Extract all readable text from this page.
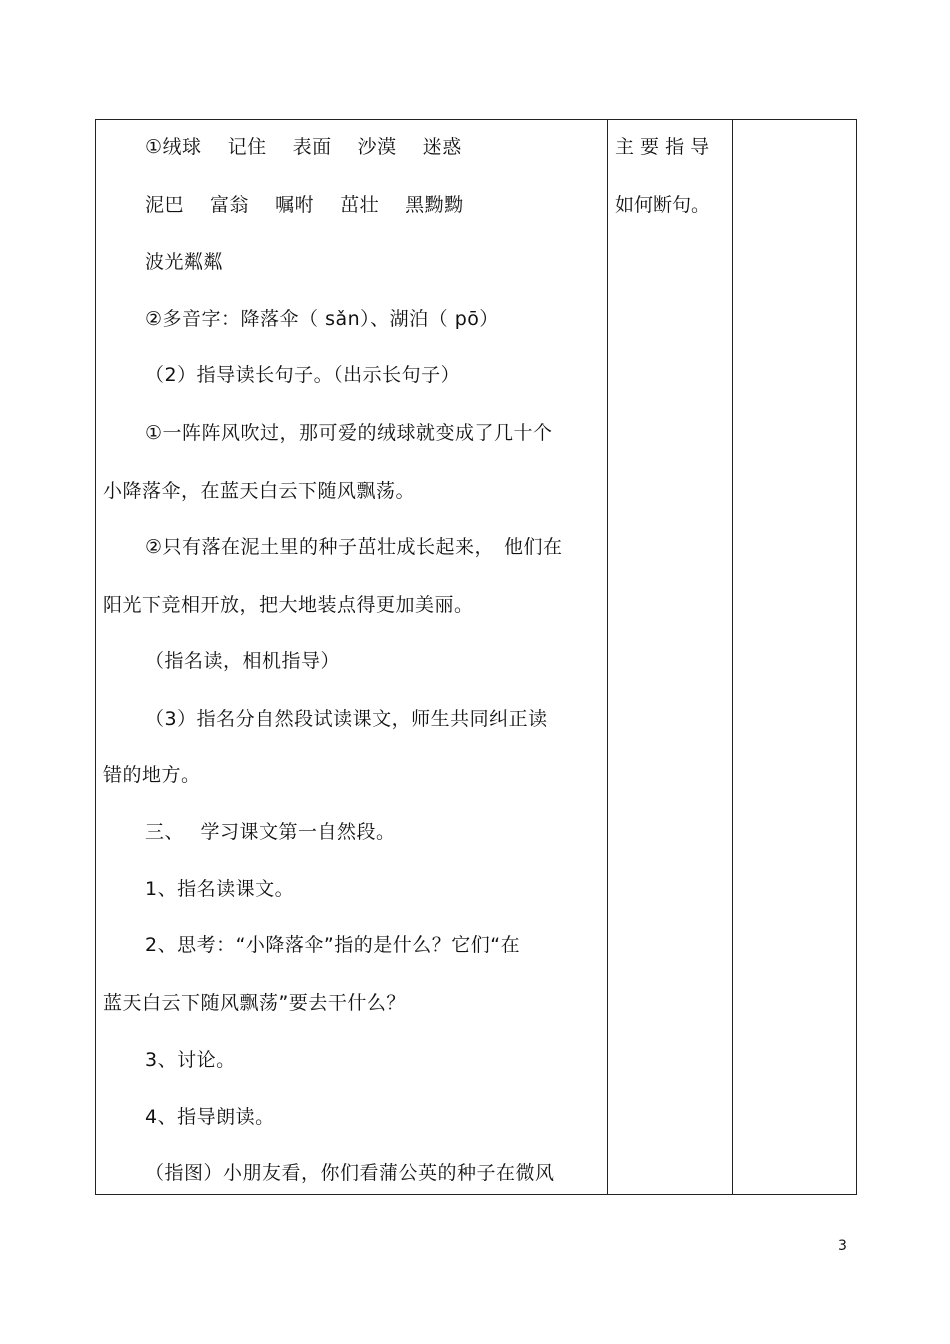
①绒球　 记住　 表面　 沙漠　 迷惑
泥巴　 富翁　 嘱咐　 茁壮　 黑黝黝
波光粼粼
②多音字：降落伞（ sǎn）、湖泊（ pō）
（2）指导读长句子。（出示长句子）
①一阵阵风吹过，那可爱的绒球就变成了几十个
小降落伞，在蓝天白云下随风飘荡。
②只有落在泥土里的种子茁壮成长起来，　他们在
阳光下竞相开放，把大地装点得更加美丽。
（指名读，相机指导）
（3）指名分自然段试读课文，师生共同纠正读
错的地方。
三、　 学习课文第一自然段。
1、指名读课文。
2、思考：“小降落伞”指的是什么？它们“在
蓝天白云下随风飘荡”要去干什么？
3、讨论。
4、指导朗读。
（指图）小朋友看，你们看蒲公英的种子在微风
主 要 指 导
如何断句。
3
